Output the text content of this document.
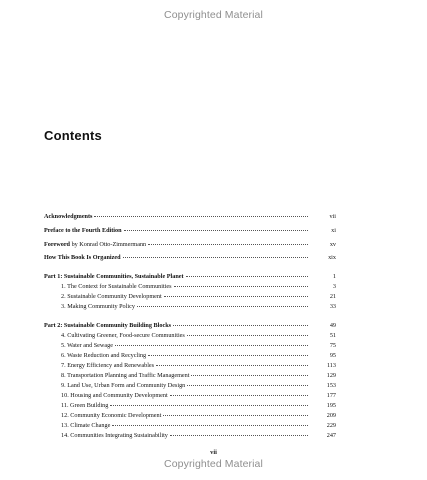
Copyrighted Material
Contents
Acknowledgments	vii
Preface to the Fourth Edition	xi
Foreword by Konrad Otto-Zimmermann	xv
How This Book Is Organized	xix
Part 1: Sustainable Communities, Sustainable Planet	1
1. The Context for Sustainable Communities	3
2. Sustainable Community Development	21
3. Making Community Policy	33
Part 2: Sustainable Community Building Blocks	49
4. Cultivating Greener, Food-secure Communities	51
5. Water and Sewage	75
6. Waste Reduction and Recycling	95
7. Energy Efficiency and Renewables	113
8. Transportation Planning and Traffic Management	129
9. Land Use, Urban Form and Community Design	153
10. Housing and Community Development	177
11. Green Building	195
12. Community Economic Development	209
13. Climate Change	229
14. Communities Integrating Sustainability	247
vii
Copyrighted Material
